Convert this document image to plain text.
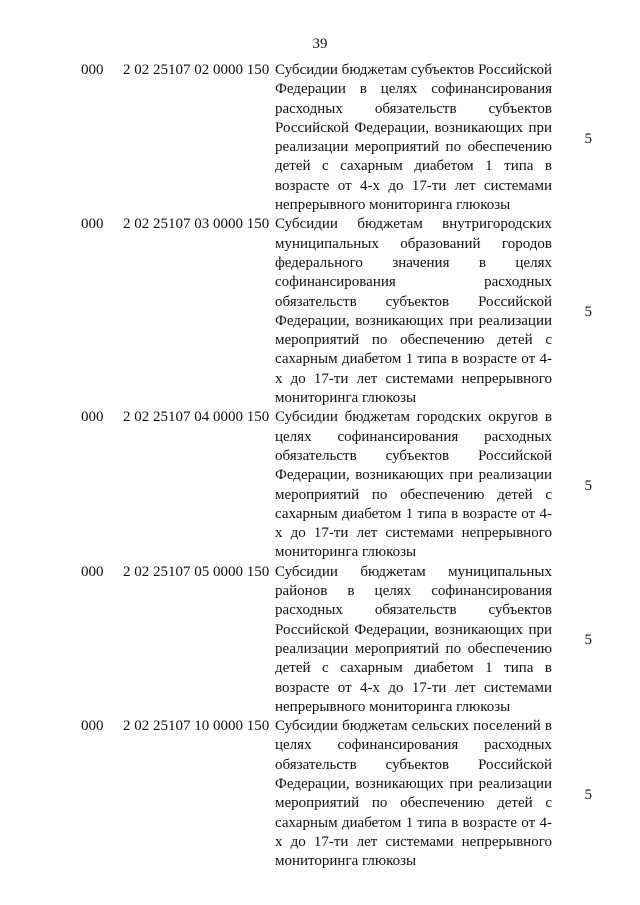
39
000	2 02 25107 02 0000 150 Субсидии бюджетам субъектов Российской Федерации в целях софинансирования расходных обязательств субъектов Российской Федерации, возникающих при реализации мероприятий по обеспечению детей с сахарным диабетом 1 типа в возрасте от 4-х до 17-ти лет системами непрерывного мониторинга глюкозы
5
000	2 02 25107 03 0000 150 Субсидии бюджетам внутригородских муниципальных образований городов федерального значения в целях софинансирования расходных обязательств субъектов Российской Федерации, возникающих при реализации мероприятий по обеспечению детей с сахарным диабетом 1 типа в возрасте от 4-х до 17-ти лет системами непрерывного мониторинга глюкозы
5
000	2 02 25107 04 0000 150 Субсидии бюджетам городских округов в целях софинансирования расходных обязательств субъектов Российской Федерации, возникающих при реализации мероприятий по обеспечению детей с сахарным диабетом 1 типа в возрасте от 4-х до 17-ти лет системами непрерывного мониторинга глюкозы
5
000	2 02 25107 05 0000 150 Субсидии бюджетам муниципальных районов в целях софинансирования расходных обязательств субъектов Российской Федерации, возникающих при реализации мероприятий по обеспечению детей с сахарным диабетом 1 типа в возрасте от 4-х до 17-ти лет системами непрерывного мониторинга глюкозы
5
000	2 02 25107 10 0000 150 Субсидии бюджетам сельских поселений в целях софинансирования расходных обязательств субъектов Российской Федерации, возникающих при реализации мероприятий по обеспечению детей с сахарным диабетом 1 типа в возрасте от 4-х до 17-ти лет системами непрерывного мониторинга глюкозы
5
